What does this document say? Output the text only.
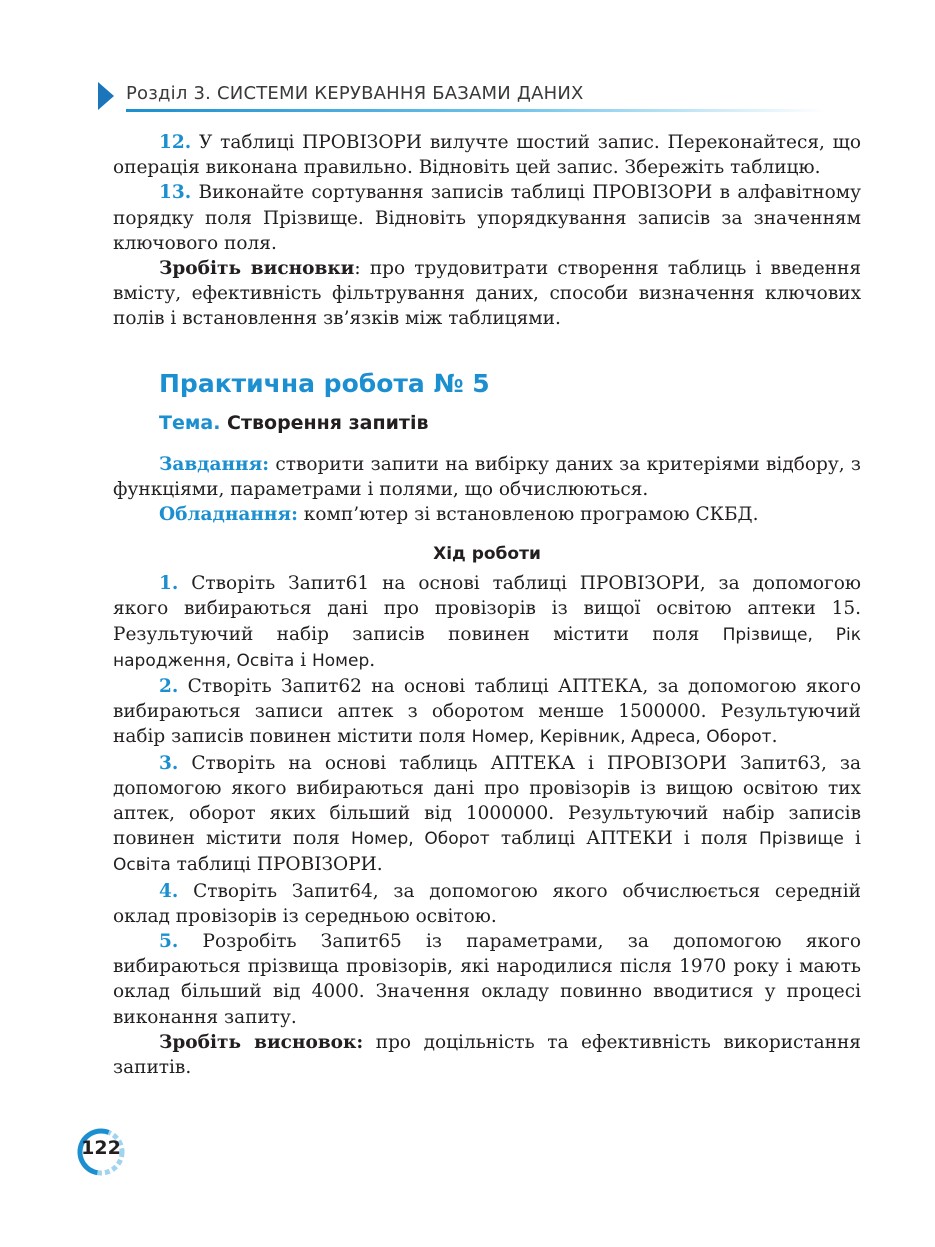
Розділ 3. СИСТЕМИ КЕРУВАННЯ БАЗАМИ ДАНИХ

12. У таблиці ПРОВІЗОРИ вилучте шостий запис. Переконайтеся, що операція виконана правильно. Відновіть цей запис. Збережіть таблицю.

13. Виконайте сортування записів таблиці ПРОВІЗОРИ в алфавітному порядку поля Прізвище. Відновіть упорядкування записів за значенням ключового поля.

Зробіть висновки: про трудовитрати створення таблиць і введення вмісту, ефективність фільтрування даних, способи визначення ключових полів і встановлення зв’язків між таблицями.

Практична робота № 5
Тема. Створення запитів

Завдання: створити запити на вибірку даних за критеріями відбору, з функціями, параметрами і полями, що обчислюються.

Обладнання: комп’ютер зі встановленою програмою СКБД.

Хід роботи

1. Створіть Запит61 на основі таблиці ПРОВІЗОРИ, за допомогою якого вибираються дані про провізорів із вищої освітою аптеки 15. Результуючий набір записів повинен містити поля Прізвище, Рік народження, Освіта і Номер.

2. Створіть Запит62 на основі таблиці АПТЕКА, за допомогою якого вибираються записи аптек з оборотом менше 1500000. Результуючий набір записів повинен містити поля Номер, Керівник, Адреса, Оборот.

3. Створіть на основі таблиць АПТЕКА і ПРОВІЗОРИ Запит63, за допомогою якого вибираються дані про провізорів із вищою освітою тих аптек, оборот яких більший від 1000000. Результуючий набір записів повинен містити поля Номер, Оборот таблиці АПТЕКИ і поля Прізвище і Освіта таблиці ПРОВІЗОРИ.

4. Створіть Запит64, за допомогою якого обчислюється середній оклад провізорів із середньою освітою.

5. Розробіть Запит65 із параметрами, за допомогою якого вибираються прізвища провізорів, які народилися після 1970 року і мають оклад більший від 4000. Значення окладу повинно вводитися у процесі виконання запиту.

Зробіть висновок: про доцільність та ефективність використання запитів.

122
